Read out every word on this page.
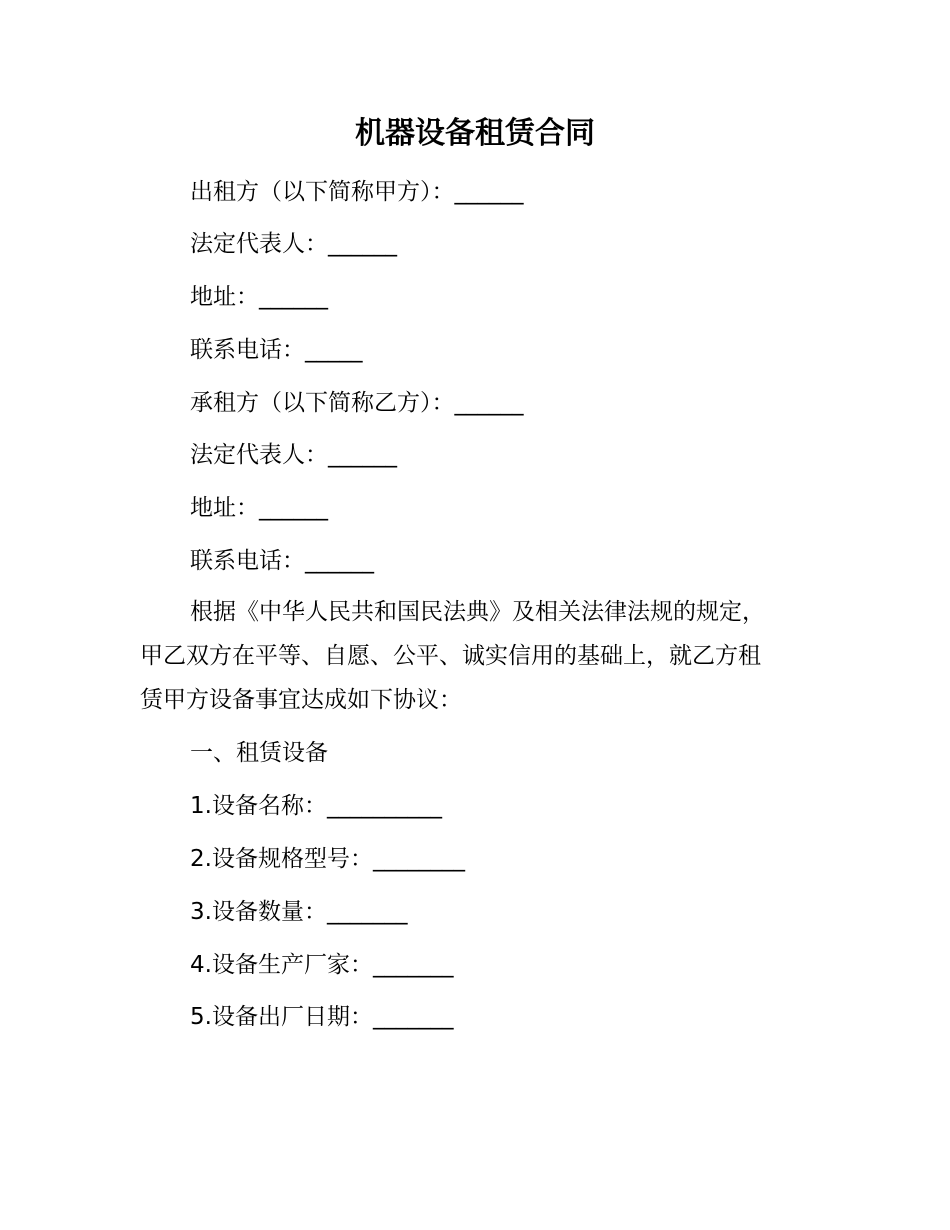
机器设备租赁合同
出租方（以下简称甲方）：______
法定代表人：______
地址：______
联系电话：_____
承租方（以下简称乙方）：______
法定代表人：______
地址：______
联系电话：______
根据《中华人民共和国民法典》及相关法律法规的规定，
甲乙双方在平等、自愿、公平、诚实信用的基础上，就乙方租
赁甲方设备事宜达成如下协议：
一、租赁设备
1.设备名称：__________
2.设备规格型号：________
3.设备数量：_______
4.设备生产厂家：_______
5.设备出厂日期：_______
